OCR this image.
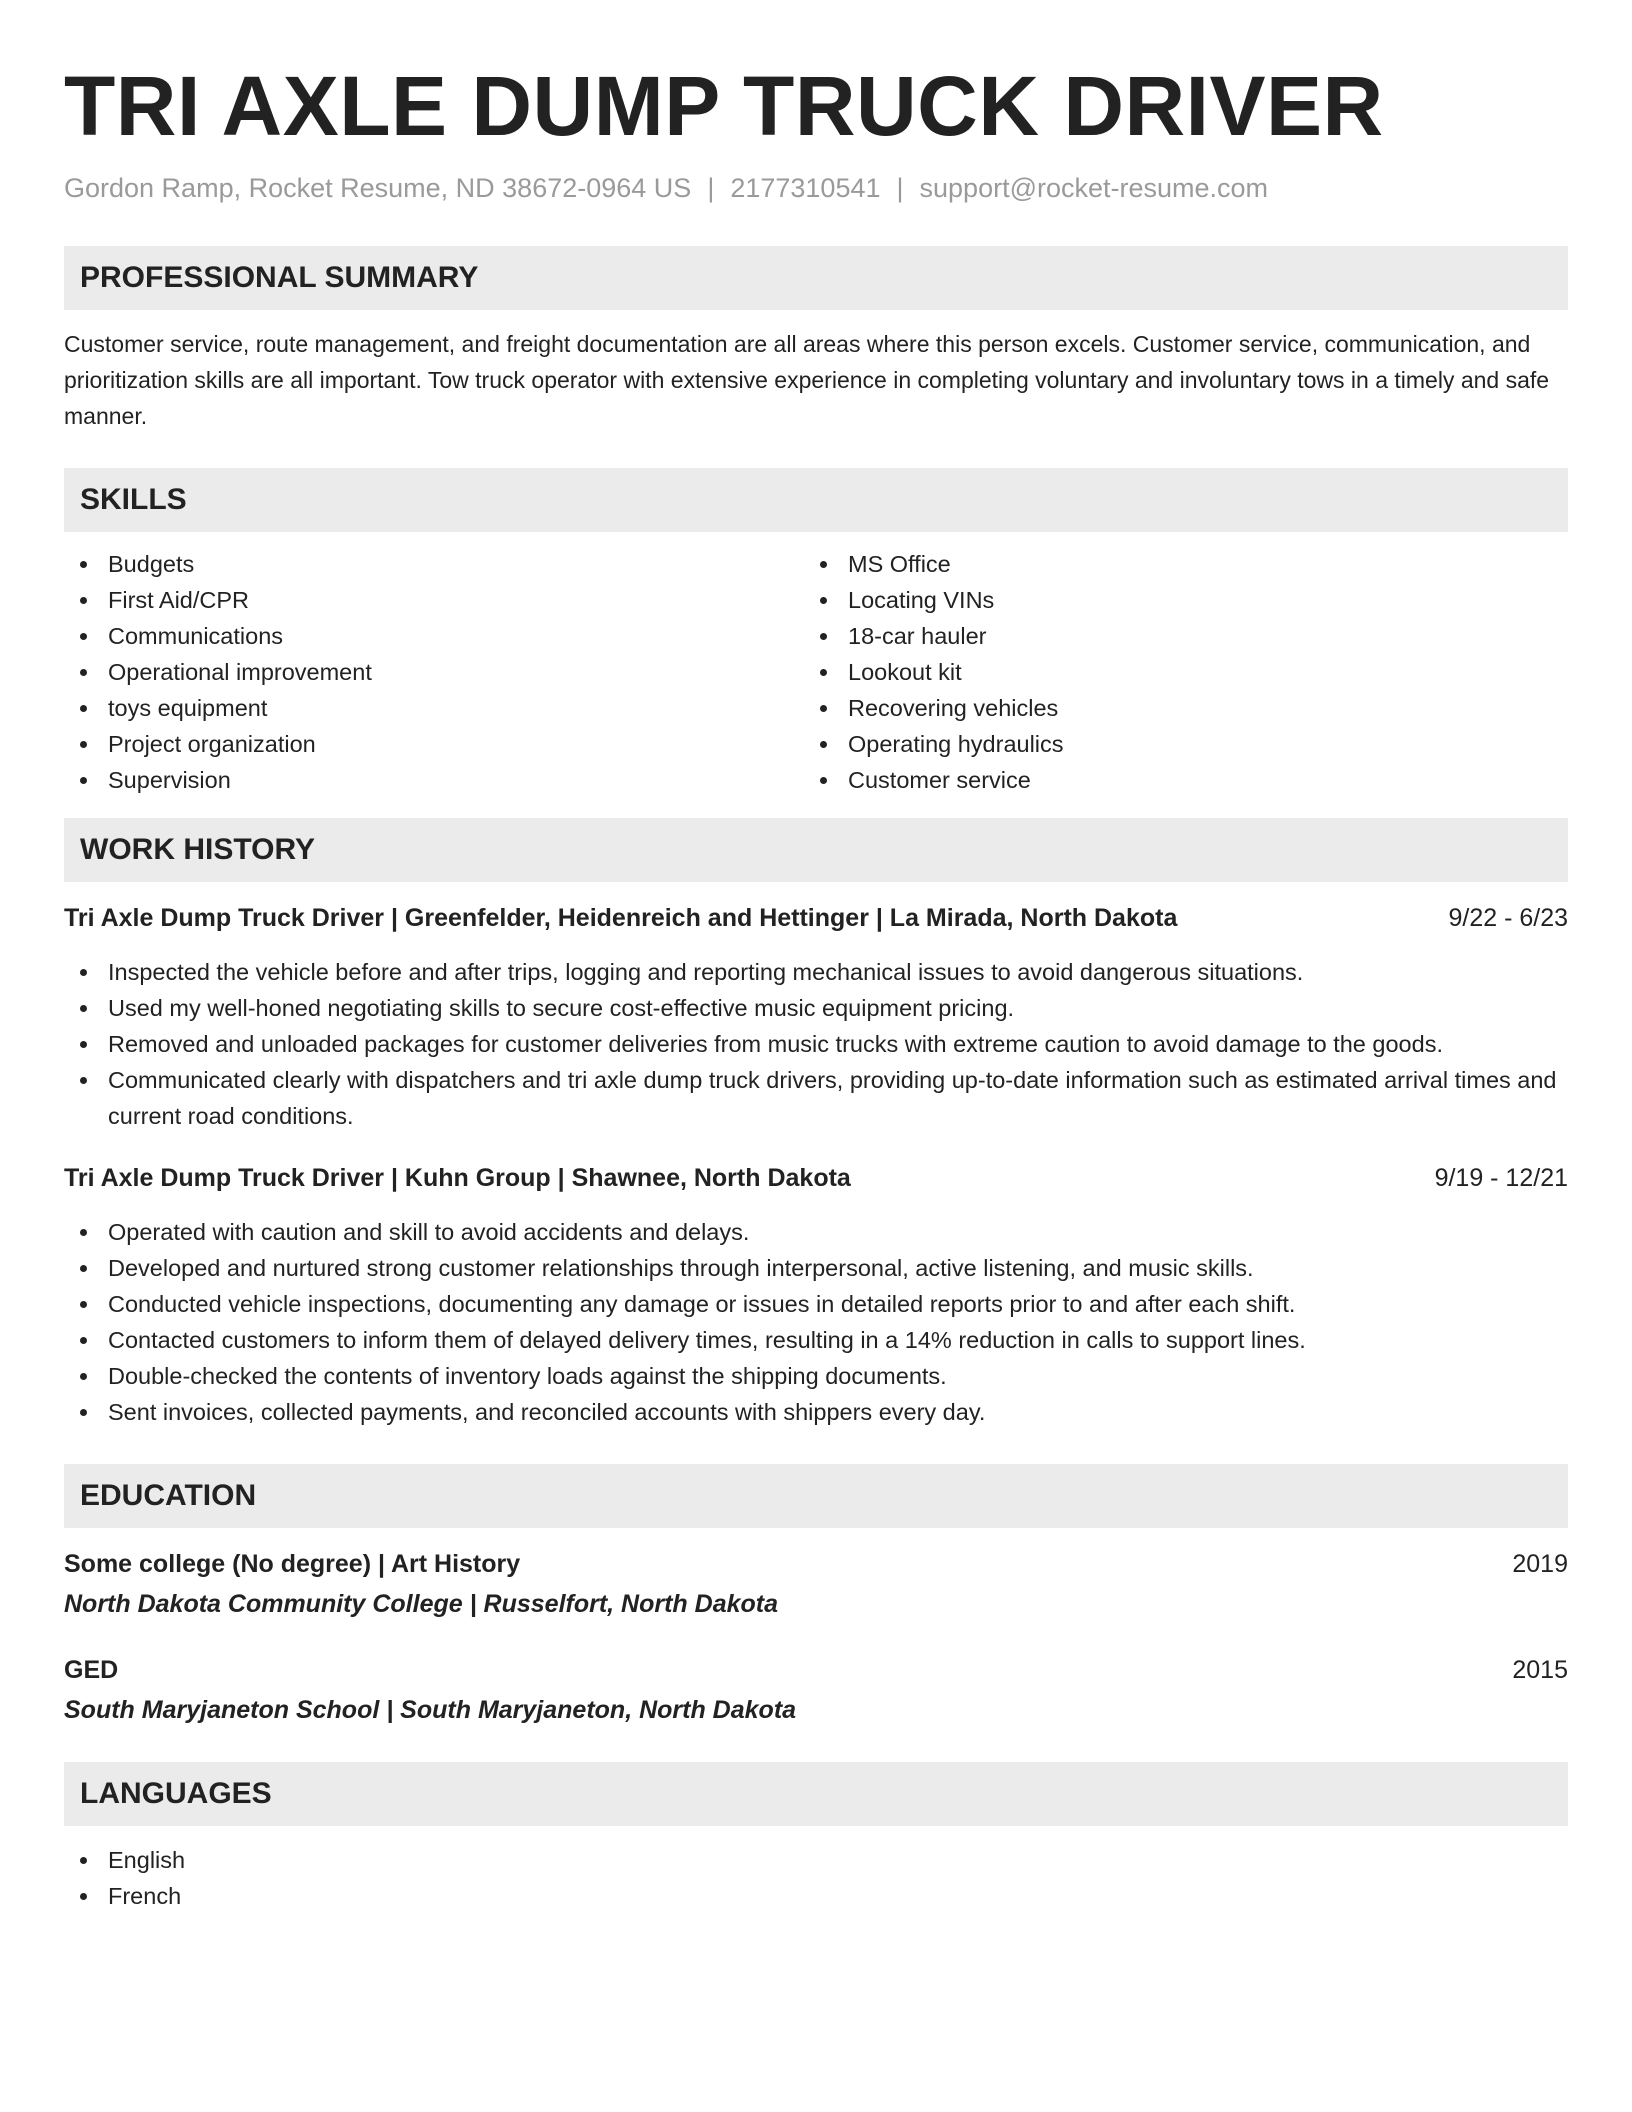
TRI AXLE DUMP TRUCK DRIVER
Gordon Ramp, Rocket Resume, ND 38672-0964 US | 2177310541 | support@rocket-resume.com
PROFESSIONAL SUMMARY

Customer service, route management, and freight documentation are all areas where this person excels. Customer service, communication, and prioritization skills are all important. Tow truck operator with extensive experience in completing voluntary and involuntary tows in a timely and safe manner.

SKILLS
Budgets
First Aid/CPR
Communications
Operational improvement
toys equipment
Project organization
Supervision
MS Office
Locating VINs
18-car hauler
Lookout kit
Recovering vehicles
Operating hydraulics
Customer service
WORK HISTORY
Tri Axle Dump Truck Driver | Greenfelder, Heidenreich and Hettinger | La Mirada, North Dakota	9/22 - 6/23
Inspected the vehicle before and after trips, logging and reporting mechanical issues to avoid dangerous situations.
Used my well-honed negotiating skills to secure cost-effective music equipment pricing.
Removed and unloaded packages for customer deliveries from music trucks with extreme caution to avoid damage to the goods.
Communicated clearly with dispatchers and tri axle dump truck drivers, providing up-to-date information such as estimated arrival times and current road conditions.
Tri Axle Dump Truck Driver | Kuhn Group | Shawnee, North Dakota	9/19 - 12/21
Operated with caution and skill to avoid accidents and delays.
Developed and nurtured strong customer relationships through interpersonal, active listening, and music skills.
Conducted vehicle inspections, documenting any damage or issues in detailed reports prior to and after each shift.
Contacted customers to inform them of delayed delivery times, resulting in a 14% reduction in calls to support lines.
Double-checked the contents of inventory loads against the shipping documents.
Sent invoices, collected payments, and reconciled accounts with shippers every day.
EDUCATION
Some college (No degree) | Art History	2019
North Dakota Community College | Russelfort, North Dakota
GED	2015
South Maryjaneton School | South Maryjaneton, North Dakota
LANGUAGES
English
French
